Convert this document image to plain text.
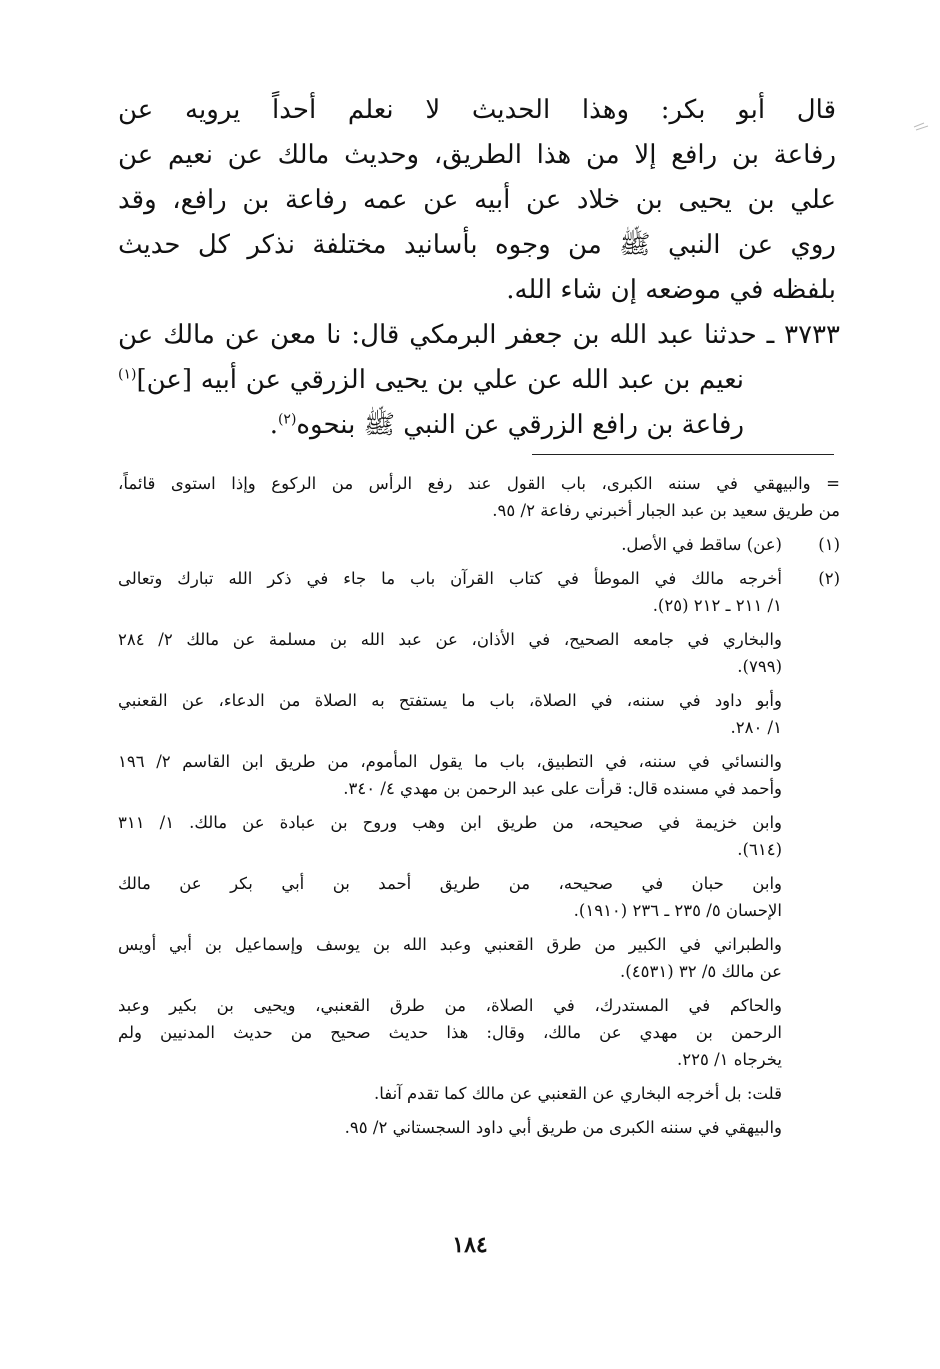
قال أبو بكر: وهذا الحديث لا نعلم أحداً يرويه عن
رفاعة بن رافع إلا من هذا الطريق، وحديث مالك عن نعيم عن
علي بن يحيى بن خلاد عن أبيه عن عمه رفاعة بن رافع، وقد
روي عن النبي ﷺ من وجوه بأسانيد مختلفة نذكر كل حديث
بلفظه في موضعه إن شاء الله.
٣٧٣٣ ـ حدثنا عبد الله بن جعفر البرمكي قال: نا معن عن مالك عن
نعيم بن عبد الله عن علي بن يحيى الزرقي عن أبيه [عن]$^{(١)}$
رفاعة بن رافع الزرقي عن النبي ﷺ بنحوه$^{(٢)}$.
= والبيهقي في سننه الكبرى، باب القول عند رفع الرأس من الركوع وإذا استوى قائماً،
من طريق سعيد بن عبد الجبار أخبرني رفاعة ٢/ ٩٥.
(١)(عن) ساقط في الأصل.
(٢)أخرجه مالك في الموطأ في كتاب القرآن باب ما جاء في ذكر الله تبارك وتعالى
١/ ٢١١ ـ ٢١٢ (٢٥).
والبخاري في جامعه الصحيح، في الأذان، عن عبد الله بن مسلمة عن مالك ٢/ ٢٨٤
(٧٩٩).
وأبو داود في سننه، في الصلاة، باب ما يستفتح به الصلاة من الدعاء، عن القعنبي
١/ ٢٨٠.
والنسائي في سننه، في التطبيق، باب ما يقول المأموم، من طريق ابن القاسم ٢/ ١٩٦
وأحمد في مسنده قال: قرأت على عبد الرحمن بن مهدي ٤/ ٣٤٠.
وابن خزيمة في صحيحه، من طريق ابن وهب وروح بن عبادة عن مالك. ١/ ٣١١
(٦١٤).
وابن حبان في صحيحه، من طريق أحمد بن أبي بكر عن مالك
الإحسان ٥/ ٢٣٥ ـ ٢٣٦ (١٩١٠).
والطبراني في الكبير من طرق القعنبي وعبد الله بن يوسف وإسماعيل بن أبي أويس
عن مالك ٥/ ٣٢ (٤٥٣١).
والحاكم في المستدرك، في الصلاة، من طرق القعنبي، ويحيى بن بكير وعبد
الرحمن بن مهدي عن مالك، وقال: هذا حديث صحيح من حديث المدنيين ولم
يخرجاه ١/ ٢٢٥.
قلت: بل أخرجه البخاري عن القعنبي عن مالك كما تقدم آنفا.
والبيهقي في سننه الكبرى من طريق أبي داود السجستاني ٢/ ٩٥.
١٨٤
